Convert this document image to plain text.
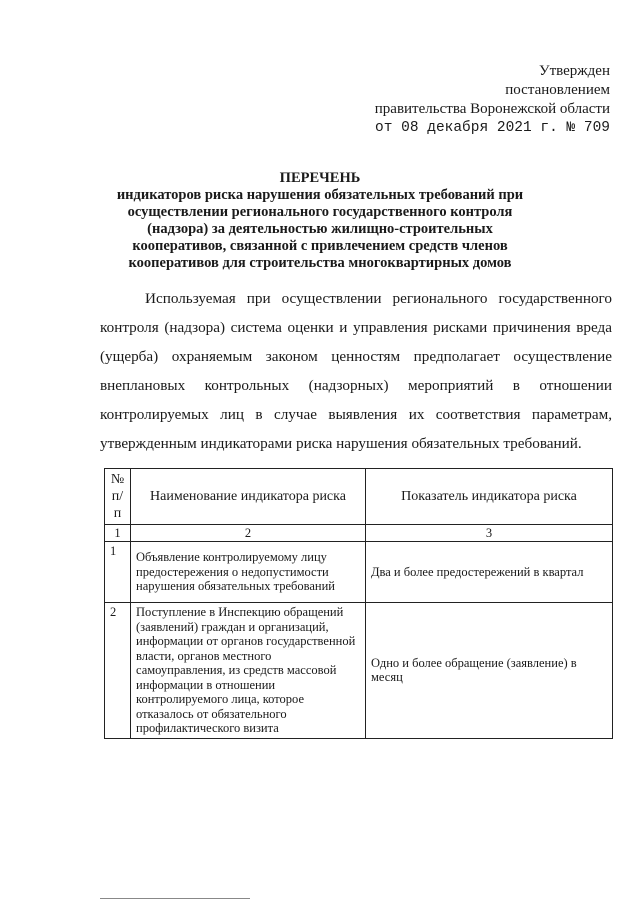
Утвержден
постановлением
правительства Воронежской области
от 08 декабря 2021 г. № 709
ПЕРЕЧЕНЬ
индикаторов риска нарушения обязательных требований при осуществлении регионального государственного контроля (надзора) за деятельностью жилищно-строительных кооперативов, связанной с привлечением средств членов кооперативов для строительства многоквартирных домов
Используемая при осуществлении регионального государственного контроля (надзора) система оценки и управления рисками причинения вреда (ущерба) охраняемым законом ценностям предполагает осуществление внеплановых контрольных (надзорных) мероприятий в отношении контролируемых лиц в случае выявления их соответствия параметрам, утвержденным индикаторами риска нарушения обязательных требований.
№ п/п	Наименование индикатора риска	Показатель индикатора риска
1	2	3
1	Объявление контролируемому лицу предостережения о недопустимости нарушения обязательных требований	Два и более предостережений в квартал
2	Поступление в Инспекцию обращений (заявлений) граждан и организаций, информации от органов государственной власти, органов местного самоуправления, из средств массовой информации в отношении контролируемого лица, которое отказалось от обязательного профилактического визита	Одно и более обращение (заявление) в месяц
